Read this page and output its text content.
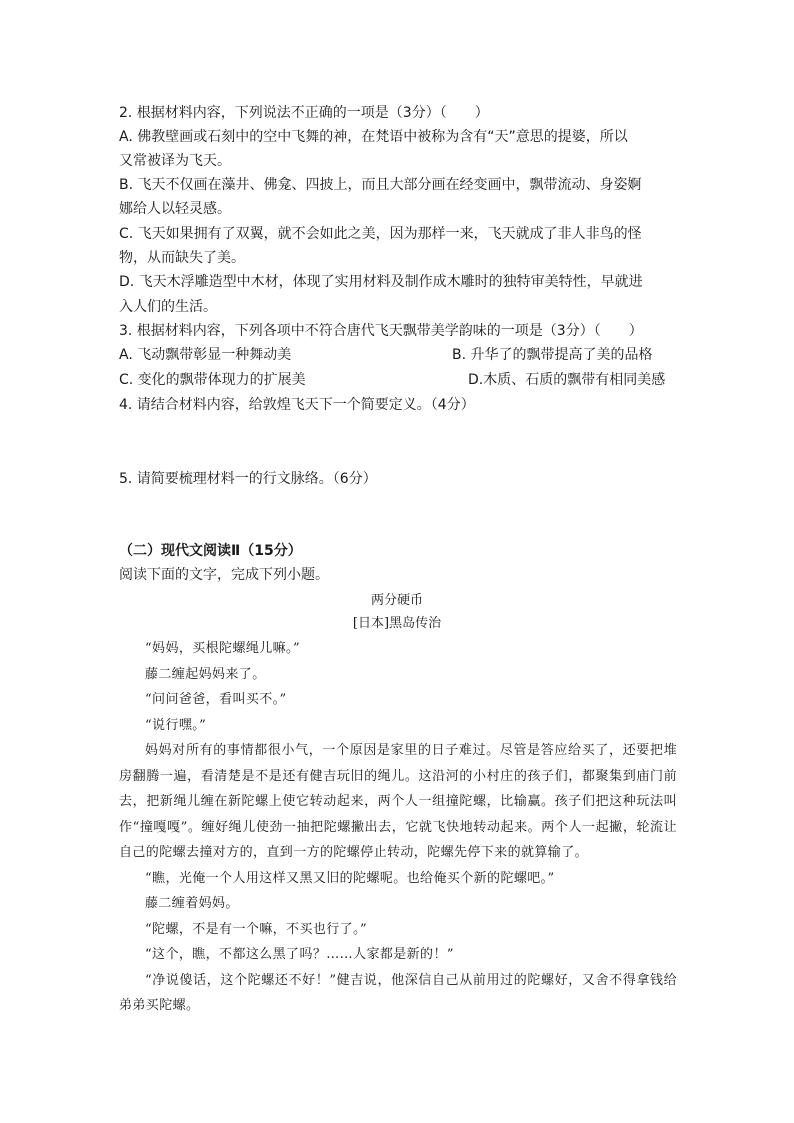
2. 根据材料内容，下列说法不正确的一项是（3分）（　　）
A. 佛教壁画或石刻中的空中飞舞的神，在梵语中被称为含有“天”意思的提婆，所以
又常被译为飞天。
B. 飞天不仅画在藻井、佛龛、四披上，而且大部分画在经变画中，飘带流动、身姿婀
娜给人以轻灵感。
C. 飞天如果拥有了双翼，就不会如此之美，因为那样一来，飞天就成了非人非鸟的怪
物，从而缺失了美。
D. 飞天木浮雕造型中木材，体现了实用材料及制作成木雕时的独特审美特性，早就进
入人们的生活。
3. 根据材料内容，下列各项中不符合唐代飞天飘带美学韵味的一项是（3分）（　　）
A. 飞动飘带彰显一种舞动美	B. 升华了的飘带提高了美的品格
C. 变化的飘带体现力的扩展美	D.木质、石质的飘带有相同美感
4. 请结合材料内容，给敦煌飞天下一个简要定义。（4分）
5. 请简要梳理材料一的行文脉络。（6分）
（二）现代文阅读Ⅱ（15分）
阅读下面的文字，完成下列小题。
两分硬币
[日本]黑岛传治

“妈妈，买根陀螺绳儿嘛。”

藤二缠起妈妈来了。

“问问爸爸，看叫买不。”

“说行嘿。”

妈妈对所有的事情都很小气，一个原因是家里的日子难过。尽管是答应给买了，还要把堆房翻腾一遍，看清楚是不是还有健吉玩旧的绳儿。这沿河的小村庄的孩子们，都聚集到庙门前去，把新绳儿缠在新陀螺上使它转动起来，两个人一组撞陀螺，比输赢。孩子们把这种玩法叫作“撞嘎嘎”。缠好绳儿使劲一抽把陀螺撇出去，它就飞快地转动起来。两个人一起撇，轮流让自己的陀螺去撞对方的，直到一方的陀螺停止转动，陀螺先停下来的就算输了。

“瞧，光俺一个人用这样又黑又旧的陀螺呢。也给俺买个新的陀螺吧。”

藤二缠着妈妈。

“陀螺，不是有一个嘛，不买也行了。”

“这个，瞧，不都这么黑了吗？……人家都是新的！”

“净说傻话，这个陀螺还不好！”健吉说，他深信自己从前用过的陀螺好，又舍不得拿钱给弟弟买陀螺。
